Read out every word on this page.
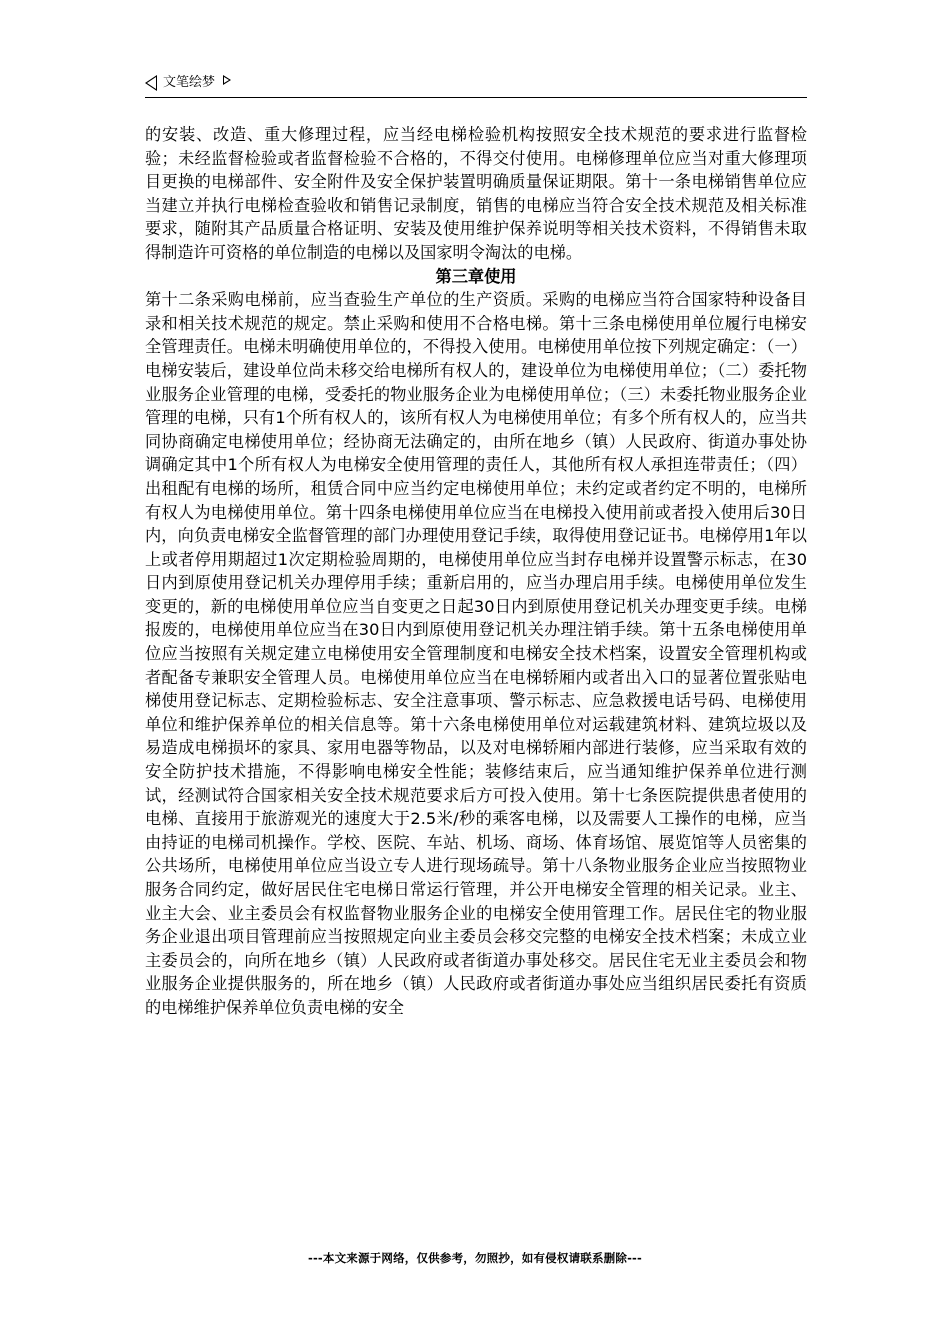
文笔绘梦

的安装、改造、重大修理过程，应当经电梯检验机构按照安全技术规范的要求进行监督检验；未经监督检验或者监督检验不合格的，不得交付使用。电梯修理单位应当对重大修理项目更换的电梯部件、安全附件及安全保护装置明确质量保证期限。第十一条电梯销售单位应当建立并执行电梯检查验收和销售记录制度，销售的电梯应当符合安全技术规范及相关标准要求，随附其产品质量合格证明、安装及使用维护保养说明等相关技术资料，不得销售未取得制造许可资格的单位制造的电梯以及国家明令淘汰的电梯。

第三章使用

第十二条采购电梯前，应当查验生产单位的生产资质。采购的电梯应当符合国家特种设备目录和相关技术规范的规定。禁止采购和使用不合格电梯。第十三条电梯使用单位履行电梯安全管理责任。电梯未明确使用单位的，不得投入使用。电梯使用单位按下列规定确定：（一）电梯安装后，建设单位尚未移交给电梯所有权人的，建设单位为电梯使用单位；（二）委托物业服务企业管理的电梯，受委托的物业服务企业为电梯使用单位；（三）未委托物业服务企业管理的电梯，只有1个所有权人的，该所有权人为电梯使用单位；有多个所有权人的，应当共同协商确定电梯使用单位；经协商无法确定的，由所在地乡（镇）人民政府、街道办事处协调确定其中1个所有权人为电梯安全使用管理的责任人，其他所有权人承担连带责任；（四）出租配有电梯的场所，租赁合同中应当约定电梯使用单位；未约定或者约定不明的，电梯所有权人为电梯使用单位。第十四条电梯使用单位应当在电梯投入使用前或者投入使用后30日内，向负责电梯安全监督管理的部门办理使用登记手续，取得使用登记证书。电梯停用1年以上或者停用期超过1次定期检验周期的，电梯使用单位应当封存电梯并设置警示标志，在30日内到原使用登记机关办理停用手续；重新启用的，应当办理启用手续。电梯使用单位发生变更的，新的电梯使用单位应当自变更之日起30日内到原使用登记机关办理变更手续。电梯报废的，电梯使用单位应当在30日内到原使用登记机关办理注销手续。第十五条电梯使用单位应当按照有关规定建立电梯使用安全管理制度和电梯安全技术档案，设置安全管理机构或者配备专兼职安全管理人员。电梯使用单位应当在电梯轿厢内或者出入口的显著位置张贴电梯使用登记标志、定期检验标志、安全注意事项、警示标志、应急救援电话号码、电梯使用单位和维护保养单位的相关信息等。第十六条电梯使用单位对运载建筑材料、建筑垃圾以及易造成电梯损坏的家具、家用电器等物品，以及对电梯轿厢内部进行装修，应当采取有效的安全防护技术措施，不得影响电梯安全性能；装修结束后，应当通知维护保养单位进行测试，经测试符合国家相关安全技术规范要求后方可投入使用。第十七条医院提供患者使用的电梯、直接用于旅游观光的速度大于2.5米/秒的乘客电梯，以及需要人工操作的电梯，应当由持证的电梯司机操作。学校、医院、车站、机场、商场、体育场馆、展览馆等人员密集的公共场所，电梯使用单位应当设立专人进行现场疏导。第十八条物业服务企业应当按照物业服务合同约定，做好居民住宅电梯日常运行管理，并公开电梯安全管理的相关记录。业主、业主大会、业主委员会有权监督物业服务企业的电梯安全使用管理工作。居民住宅的物业服务企业退出项目管理前应当按照规定向业主委员会移交完整的电梯安全技术档案；未成立业主委员会的，向所在地乡（镇）人民政府或者街道办事处移交。居民住宅无业主委员会和物业服务企业提供服务的，所在地乡（镇）人民政府或者街道办事处应当组织居民委托有资质的电梯维护保养单位负责电梯的安全

---本文来源于网络，仅供参考，勿照抄，如有侵权请联系删除---
